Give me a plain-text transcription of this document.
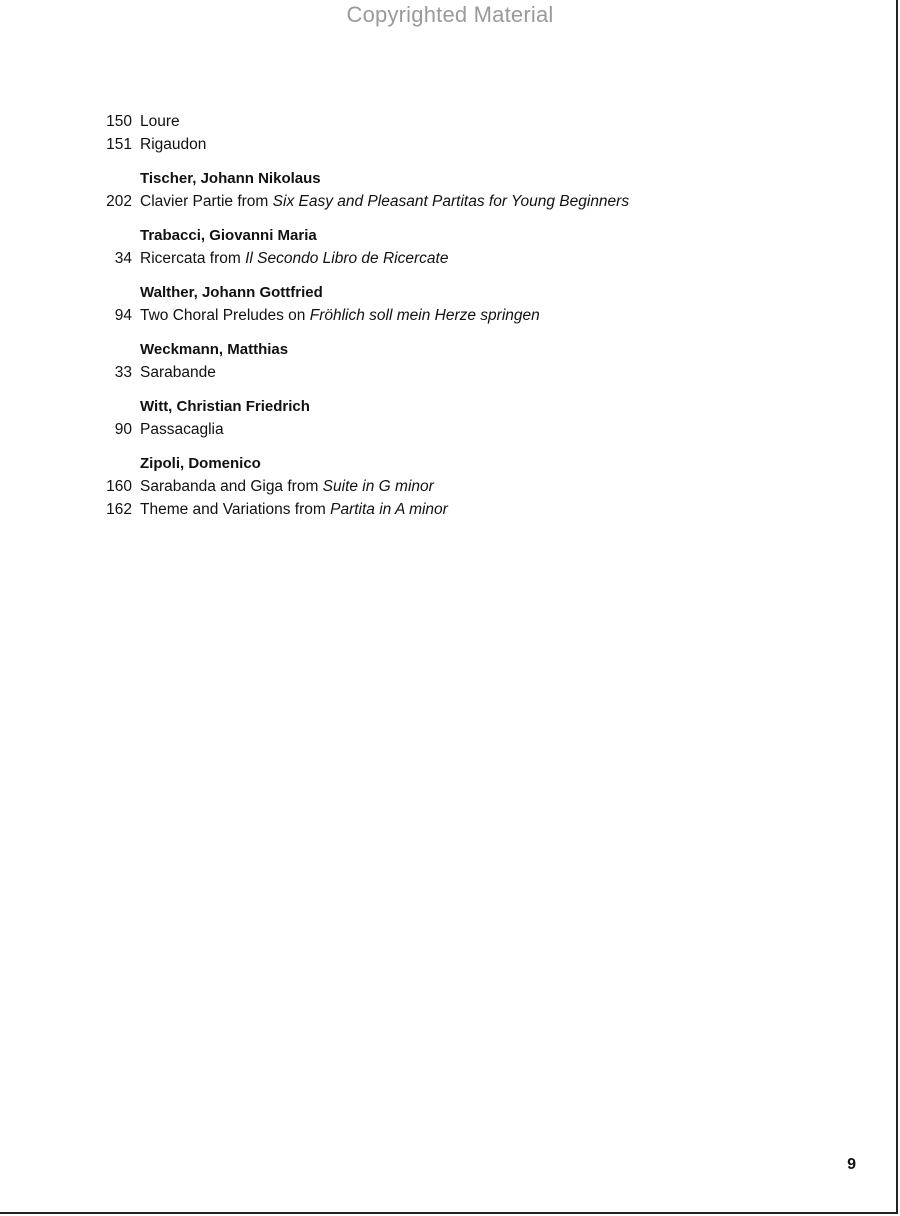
Copyrighted Material
150 Loure
151 Rigaudon
Tischer, Johann Nikolaus
202 Clavier Partie from Six Easy and Pleasant Partitas for Young Beginners
Trabacci, Giovanni Maria
34 Ricercata from Il Secondo Libro de Ricercate
Walther, Johann Gottfried
94 Two Choral Preludes on Fröhlich soll mein Herze springen
Weckmann, Matthias
33 Sarabande
Witt, Christian Friedrich
90 Passacaglia
Zipoli, Domenico
160 Sarabanda and Giga from Suite in G minor
162 Theme and Variations from Partita in A minor
9
